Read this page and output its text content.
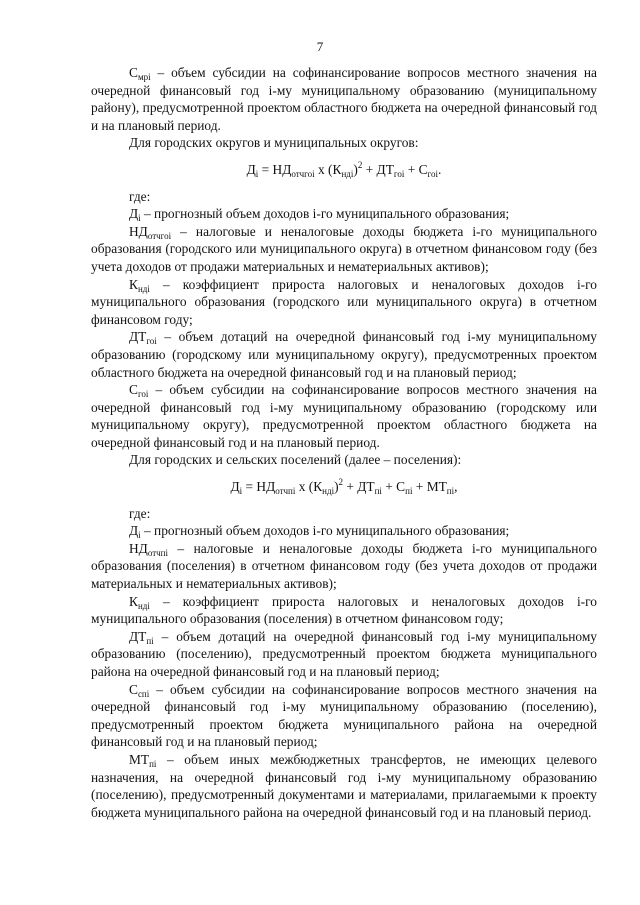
7

$С_{мрi}$ – объем субсидии на софинансирование вопросов местного значения на очередной финансовый год i-му муниципальному образованию (муниципальному району), предусмотренной проектом областного бюджета на очередной финансовый год и на плановый период.

Для городских округов и муниципальных округов:

$Д_i = НД_{отчгоi}$ х $(К_{ндi})^2 + ДТ_{гоi} + С_{гоi}$.

где:

$Д_i$ – прогнозный объем доходов i-го муниципального образования;

$НД_{отчгоi}$ – налоговые и неналоговые доходы бюджета i-го муниципального образования (городского или муниципального округа) в отчетном финансовом году (без учета доходов от продажи материальных и нематериальных активов);

$К_{ндi}$ – коэффициент прироста налоговых и неналоговых доходов i-го муниципального образования (городского или муниципального округа) в отчетном финансовом году;

$ДТ_{гоi}$ – объем дотаций на очередной финансовый год i-му муниципальному образованию (городскому или муниципальному округу), предусмотренных проектом областного бюджета на очередной финансовый год и на плановый период;

$С_{гоi}$ – объем субсидии на софинансирование вопросов местного значения на очередной финансовый год i-му муниципальному образованию (городскому или муниципальному округу), предусмотренной проектом областного бюджета на очередной финансовый год и на плановый период.

Для городских и сельских поселений (далее – поселения):

$Д_i = НД_{отчпi}$ х $(К_{ндi})^2 + ДТ_{пi} + С_{пi} + МТ_{пi}$,

где:

$Д_i$ – прогнозный объем доходов i-го муниципального образования;

$НД_{отчпi}$ – налоговые и неналоговые доходы бюджета i-го муниципального образования (поселения) в отчетном финансовом году (без учета доходов от продажи материальных и нематериальных активов);

$К_{ндi}$ – коэффициент прироста налоговых и неналоговых доходов i-го муниципального образования (поселения) в отчетном финансовом году;

$ДТ_{пi}$ – объем дотаций на очередной финансовый год i-му муниципальному образованию (поселению), предусмотренный проектом бюджета муниципального района на очередной финансовый год и на плановый период;

$С_{cпi}$ – объем субсидии на софинансирование вопросов местного значения на очередной финансовый год i-му муниципальному образованию (поселению), предусмотренный проектом бюджета муниципального района на очередной финансовый год и на плановый период;

$МТ_{пi}$ – объем иных межбюджетных трансфертов, не имеющих целевого назначения, на очередной финансовый год i-му муниципальному образованию (поселению), предусмотренный документами и материалами, прилагаемыми к проекту бюджета муниципального района на очередной финансовый год и на плановый период.
